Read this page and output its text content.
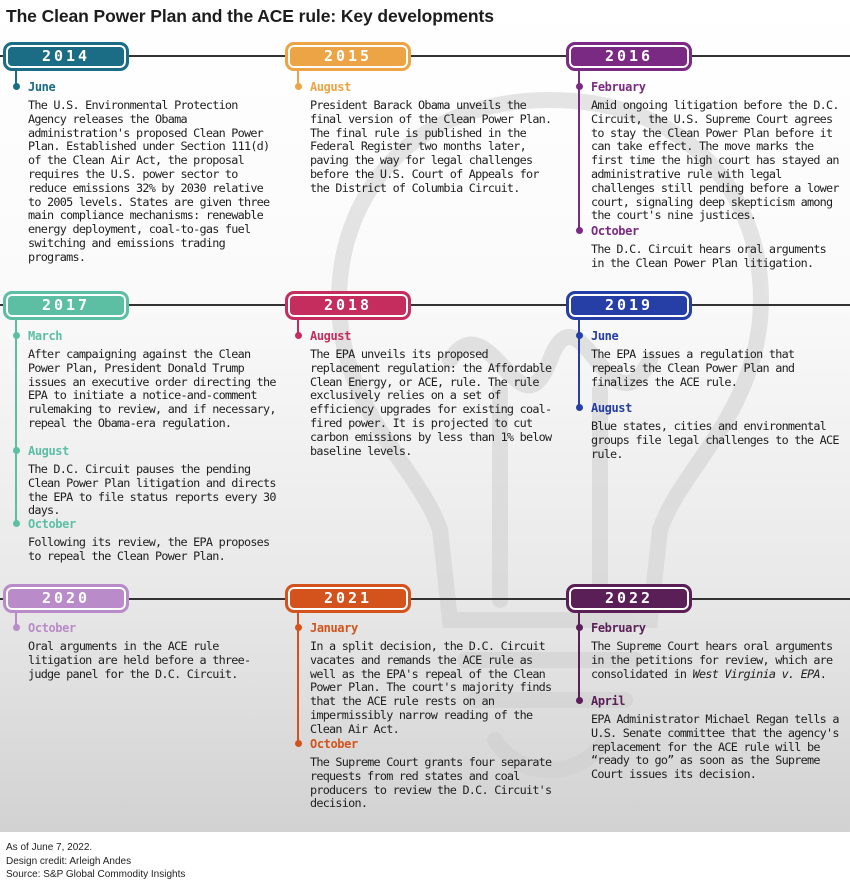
The Clean Power Plan and the ACE rule: Key developments
2014
June
The U.S. Environmental Protection Agency releases the Obama administration's proposed Clean Power Plan. Established under Section 111(d) of the Clean Air Act, the proposal requires the U.S. power sector to reduce emissions 32% by 2030 relative to 2005 levels. States are given three main compliance mechanisms: renewable energy deployment, coal-to-gas fuel switching and emissions trading programs.
2015
August
President Barack Obama unveils the final version of the Clean Power Plan. The final rule is published in the Federal Register two months later, paving the way for legal challenges before the U.S. Court of Appeals for the District of Columbia Circuit.
2016
February
Amid ongoing litigation before the D.C. Circuit, the U.S. Supreme Court agrees to stay the Clean Power Plan before it can take effect. The move marks the first time the high court has stayed an administrative rule with legal challenges still pending before a lower court, signaling deep skepticism among the court's nine justices.
October
The D.C. Circuit hears oral arguments in the Clean Power Plan litigation.
2017
March
After campaigning against the Clean Power Plan, President Donald Trump issues an executive order directing the EPA to initiate a notice-and-comment rulemaking to review, and if necessary, repeal the Obama-era regulation.
August
The D.C. Circuit pauses the pending Clean Power Plan litigation and directs the EPA to file status reports every 30 days.
October
Following its review, the EPA proposes to repeal the Clean Power Plan.
2018
August
The EPA unveils its proposed replacement regulation: the Affordable Clean Energy, or ACE, rule. The rule exclusively relies on a set of efficiency upgrades for existing coal-fired power. It is projected to cut carbon emissions by less than 1% below baseline levels.
2019
June
The EPA issues a regulation that repeals the Clean Power Plan and finalizes the ACE rule.
August
Blue states, cities and environmental groups file legal challenges to the ACE rule.
2020
October
Oral arguments in the ACE rule litigation are held before a three-judge panel for the D.C. Circuit.
2021
January
In a split decision, the D.C. Circuit vacates and remands the ACE rule as well as the EPA's repeal of the Clean Power Plan. The court's majority finds that the ACE rule rests on an impermissibly narrow reading of the Clean Air Act.
October
The Supreme Court grants four separate requests from red states and coal producers to review the D.C. Circuit's decision.
2022
February
The Supreme Court hears oral arguments in the petitions for review, which are consolidated in West Virginia v. EPA.
April
EPA Administrator Michael Regan tells a U.S. Senate committee that the agency's replacement for the ACE rule will be “ready to go” as soon as the Supreme Court issues its decision.
As of June 7, 2022.
Design credit: Arleigh Andes
Source: S&P Global Commodity Insights
